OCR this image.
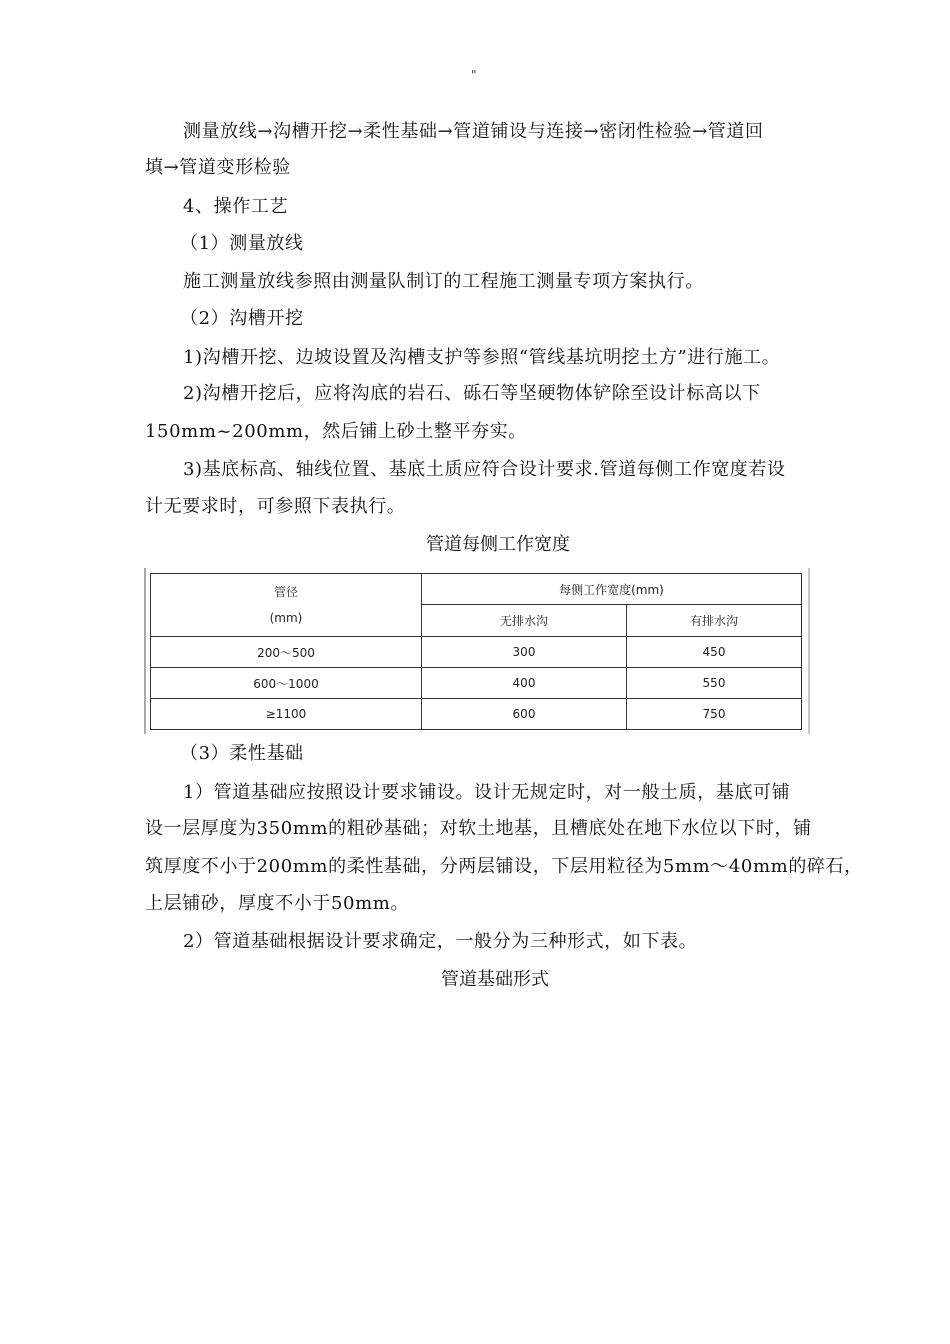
"
测量放线→沟槽开挖→柔性基础→管道铺设与连接→密闭性检验→管道回
填→管道变形检验
4、操作工艺
（1）测量放线
施工测量放线参照由测量队制订的工程施工测量专项方案执行。
（2）沟槽开挖
1)沟槽开挖、边坡设置及沟槽支护等参照“管线基坑明挖土方”进行施工。
2)沟槽开挖后，应将沟底的岩石、砾石等坚硬物体铲除至设计标高以下
150mm~200mm，然后铺上砂土整平夯实。
3)基底标高、轴线位置、基底土质应符合设计要求.管道每侧工作宽度若设
计无要求时，可参照下表执行。
管道每侧工作宽度
管径
(mm)	每侧工作宽度(mm)	
	无排水沟	有排水沟
200～500	300	450
600～1000	400	550
≥1100	600	750
（3）柔性基础
1）管道基础应按照设计要求铺设。设计无规定时，对一般土质，基底可铺
设一层厚度为350mm的粗砂基础；对软土地基，且槽底处在地下水位以下时，铺
筑厚度不小于200mm的柔性基础，分两层铺设，下层用粒径为5mm～40mm的碎石，
上层铺砂，厚度不小于50mm。
2）管道基础根据设计要求确定，一般分为三种形式，如下表。
管道基础形式
